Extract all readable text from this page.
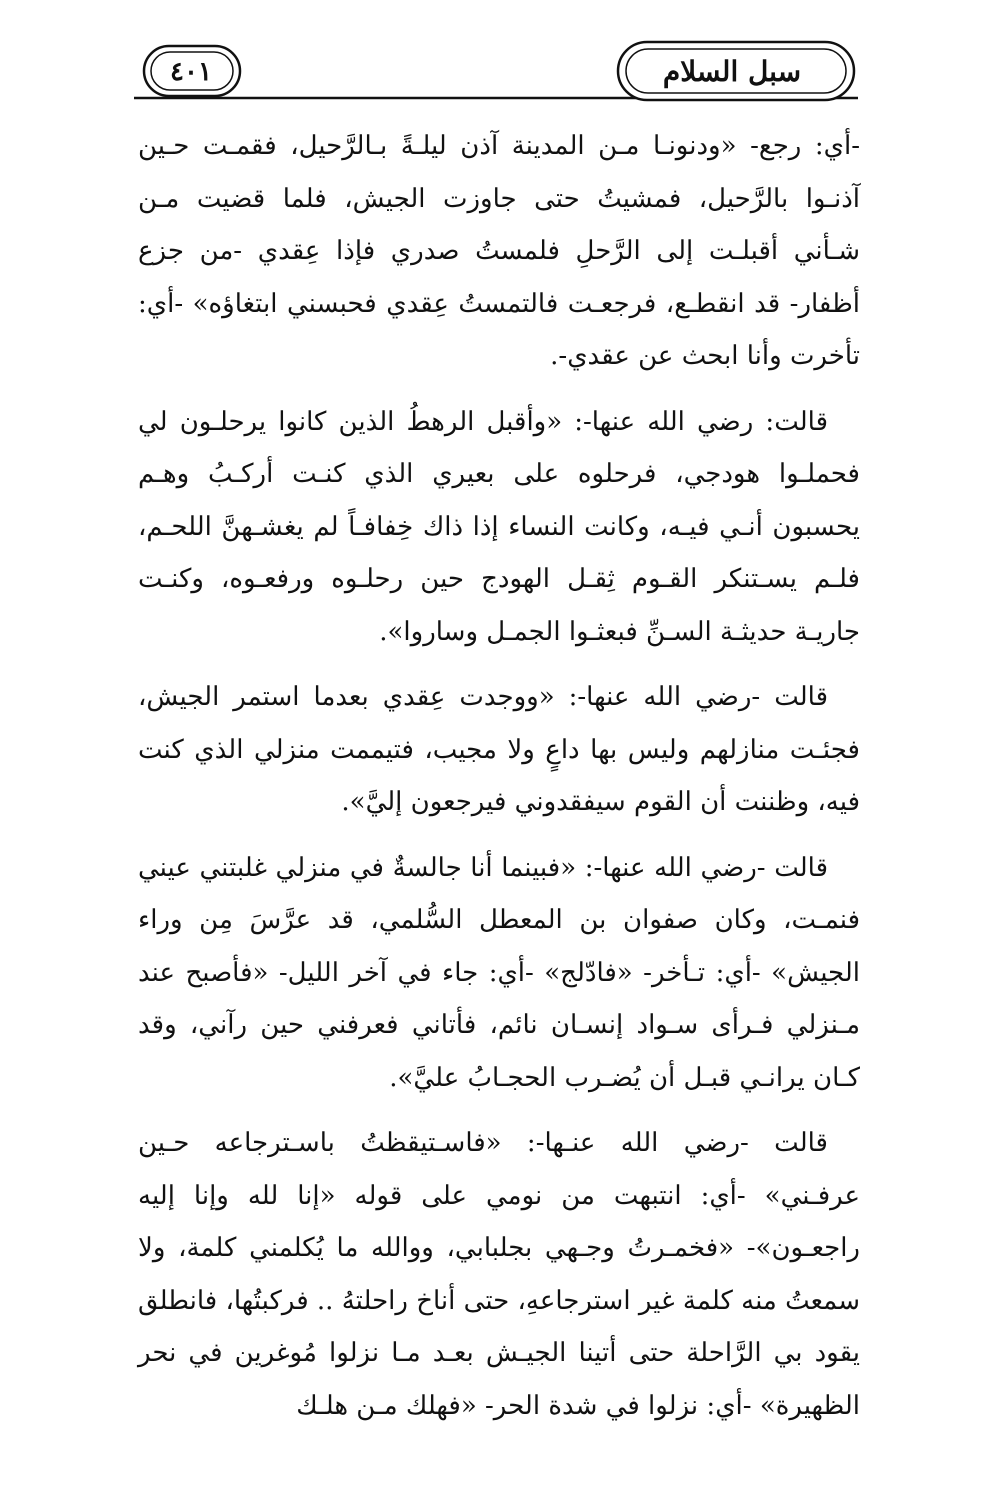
٤٠١	سبل السلام

-أي: رجع- «ودنونـا مـن المدينة آذن ليلـةً بـالرَّحيل، فقمـت حـين آذنـوا بالرَّحيل، فمشيتُ حتى جاوزت الجيش، فلما قضيت مـن شـأني أقبلـت إلى الرَّحلِ فلمستُ صدري فإذا عِقدي -من جزع أظفار- قد انقطـع، فرجعـت فالتمستُ عِقدي فحبسني ابتغاؤه» -أي: تأخرت وأنا ابحث عن عقدي-.

قالت: رضي الله عنها-: «وأقبل الرهطُ الذين كانوا يرحلـون لي فحملـوا هودجي، فرحلوه على بعيري الذي كنـت أركـبُ وهـم يحسبون أنـي فيـه، وكانت النساء إذا ذاك خِفافـاً لم يغشـهنَّ اللحـم، فلـم يسـتنكر القـوم ثِقـل الهودج حين رحلـوه ورفعـوه، وكنـت جاريـة حديثـة السـنِّ فبعثـوا الجمـل وساروا».

قالت -رضي الله عنها-: «ووجدت عِقدي بعدما استمر الجيش، فجئـت منازلهم وليس بها داعٍ ولا مجيب، فتيممت منزلي الذي كنت فيه، وظننت أن القوم سيفقدوني فيرجعون إليَّ».

قالت -رضي الله عنها-: «فبينما أنا جالسةٌ في منزلي غلبتني عيني فنمـت، وكان صفوان بن المعطل السُّلمي، قد عرَّسَ مِن وراء الجيش» -أي: تـأخر- «فادّلج» -أي: جاء في آخر الليل- «فأصبح عند مـنزلي فـرأى سـواد إنسـان نائم، فأتاني فعرفني حين رآني، وقد كـان يرانـي قبـل أن يُضـرب الحجـابُ عليَّ».

قالت -رضي الله عنـها-: «فاسـتيقظتُ باسـترجاعه حـين عرفـني» -أي: انتبهت من نومي على قوله «إنا لله وإنا إليه راجعـون»- «فخمـرتُ وجـهي بجلبابي، ووالله ما يُكلمني كلمة، ولا سمعتُ منه كلمة غير استرجاعهِ، حتى أناخ راحلتهُ .. فركبتُها، فانطلق يقود بي الرَّاحلة حتى أتينا الجيـش بعـد مـا نزلوا مُوغرين في نحر الظهيرة» -أي: نزلوا في شدة الحر- «فهلك مـن هلـك
